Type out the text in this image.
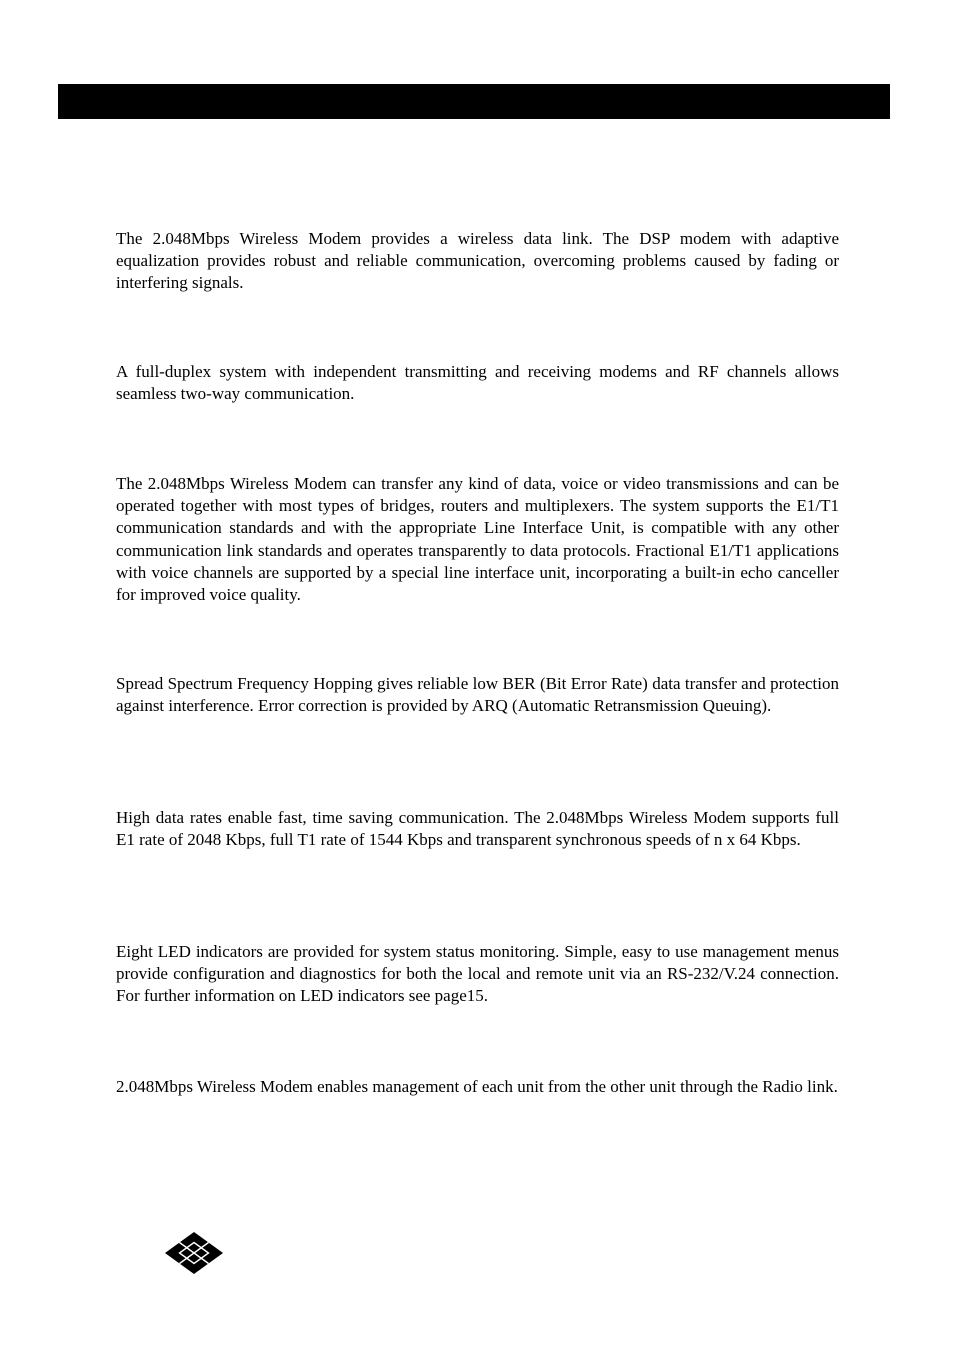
The 2.048Mbps Wireless Modem provides a wireless data link. The DSP modem with adaptive equalization provides robust and reliable communication, overcoming problems caused by fading or interfering signals.

A full-duplex system with independent transmitting and receiving modems and RF channels allows seamless two-way communication.

The 2.048Mbps Wireless Modem can transfer any kind of data, voice or video transmissions and can be operated together with most types of bridges, routers and multiplexers. The system supports the E1/T1 communication standards and with the appropriate Line Interface Unit, is compatible with any other communication link standards and operates transparently to data protocols. Fractional E1/T1 applications with voice channels are supported by a special line interface unit, incorporating a built-in echo canceller for improved voice quality.

Spread Spectrum Frequency Hopping gives reliable low BER (Bit Error Rate) data transfer and protection against interference. Error correction is provided by ARQ (Automatic Retransmission Queuing).

High data rates enable fast, time saving communication. The 2.048Mbps Wireless Modem supports full E1 rate of 2048 Kbps, full T1 rate of 1544 Kbps and transparent synchronous speeds of n x 64 Kbps.

Eight LED indicators are provided for system status monitoring. Simple, easy to use management menus provide configuration and diagnostics for both the local and remote unit via an RS-232/V.24 connection. For further information on LED indicators see page15.

2.048Mbps Wireless Modem enables management of each unit from the other unit through the Radio link.
